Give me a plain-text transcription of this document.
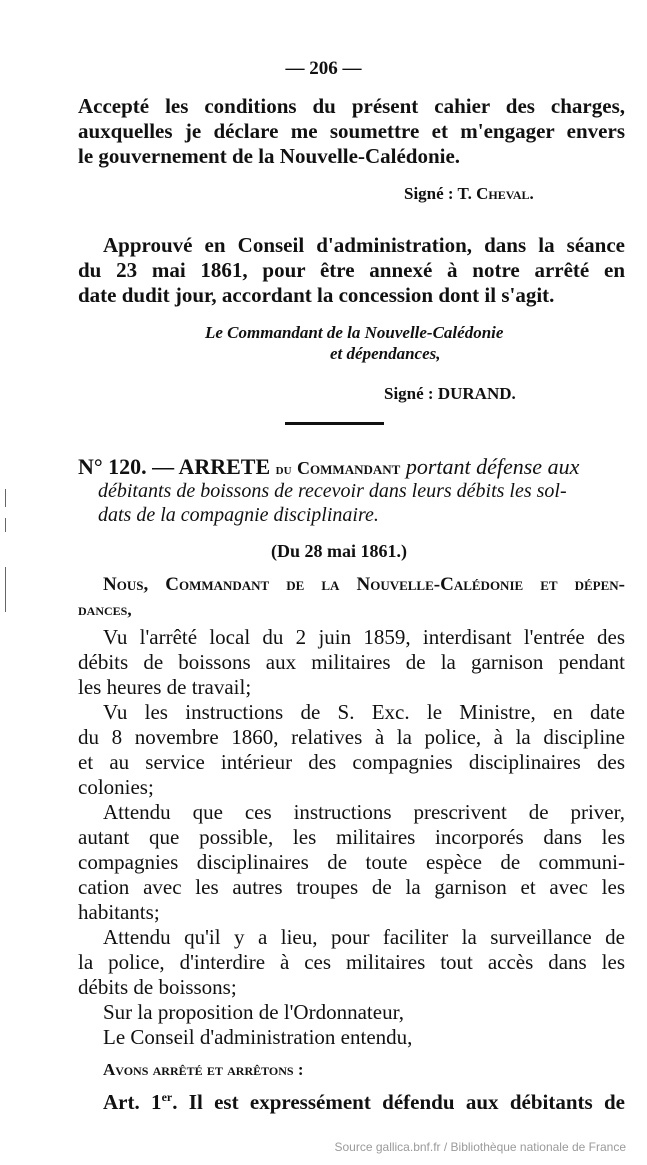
— 206 —
Accepté les conditions du présent cahier des charges,
auxquelles je déclare me soumettre et m'engager envers
le gouvernement de la Nouvelle-Calédonie.
Signé : T. Cheval.
Approuvé en Conseil d'administration, dans la séance
du 23 mai 1861, pour être annexé à notre arrêté en
date dudit jour, accordant la concession dont il s'agit.
Le Commandant de la Nouvelle-Calédonie
et dépendances,
Signé : DURAND.
N° 120. — ARRETE du Commandant portant défense aux
débitants de boissons de recevoir dans leurs débits les sol-
dats de la compagnie disciplinaire.
(Du 28 mai 1861.)
Nous, Commandant de la Nouvelle-Calédonie et dépen-
dances,
Vu l'arrêté local du 2 juin 1859, interdisant l'entrée des
débits de boissons aux militaires de la garnison pendant
les heures de travail;
Vu les instructions de S. Exc. le Ministre, en date
du 8 novembre 1860, relatives à la police, à la discipline
et au service intérieur des compagnies disciplinaires des
colonies;
Attendu que ces instructions prescrivent de priver,
autant que possible, les militaires incorporés dans les
compagnies disciplinaires de toute espèce de communi-
cation avec les autres troupes de la garnison et avec les
habitants;
Attendu qu'il y a lieu, pour faciliter la surveillance de
la police, d'interdire à ces militaires tout accès dans les
débits de boissons;
Sur la proposition de l'Ordonnateur,
Le Conseil d'administration entendu,
Avons arrêté et arrêtons :
Art. 1er. Il est expressément défendu aux débitants de
Source gallica.bnf.fr / Bibliothèque nationale de France
